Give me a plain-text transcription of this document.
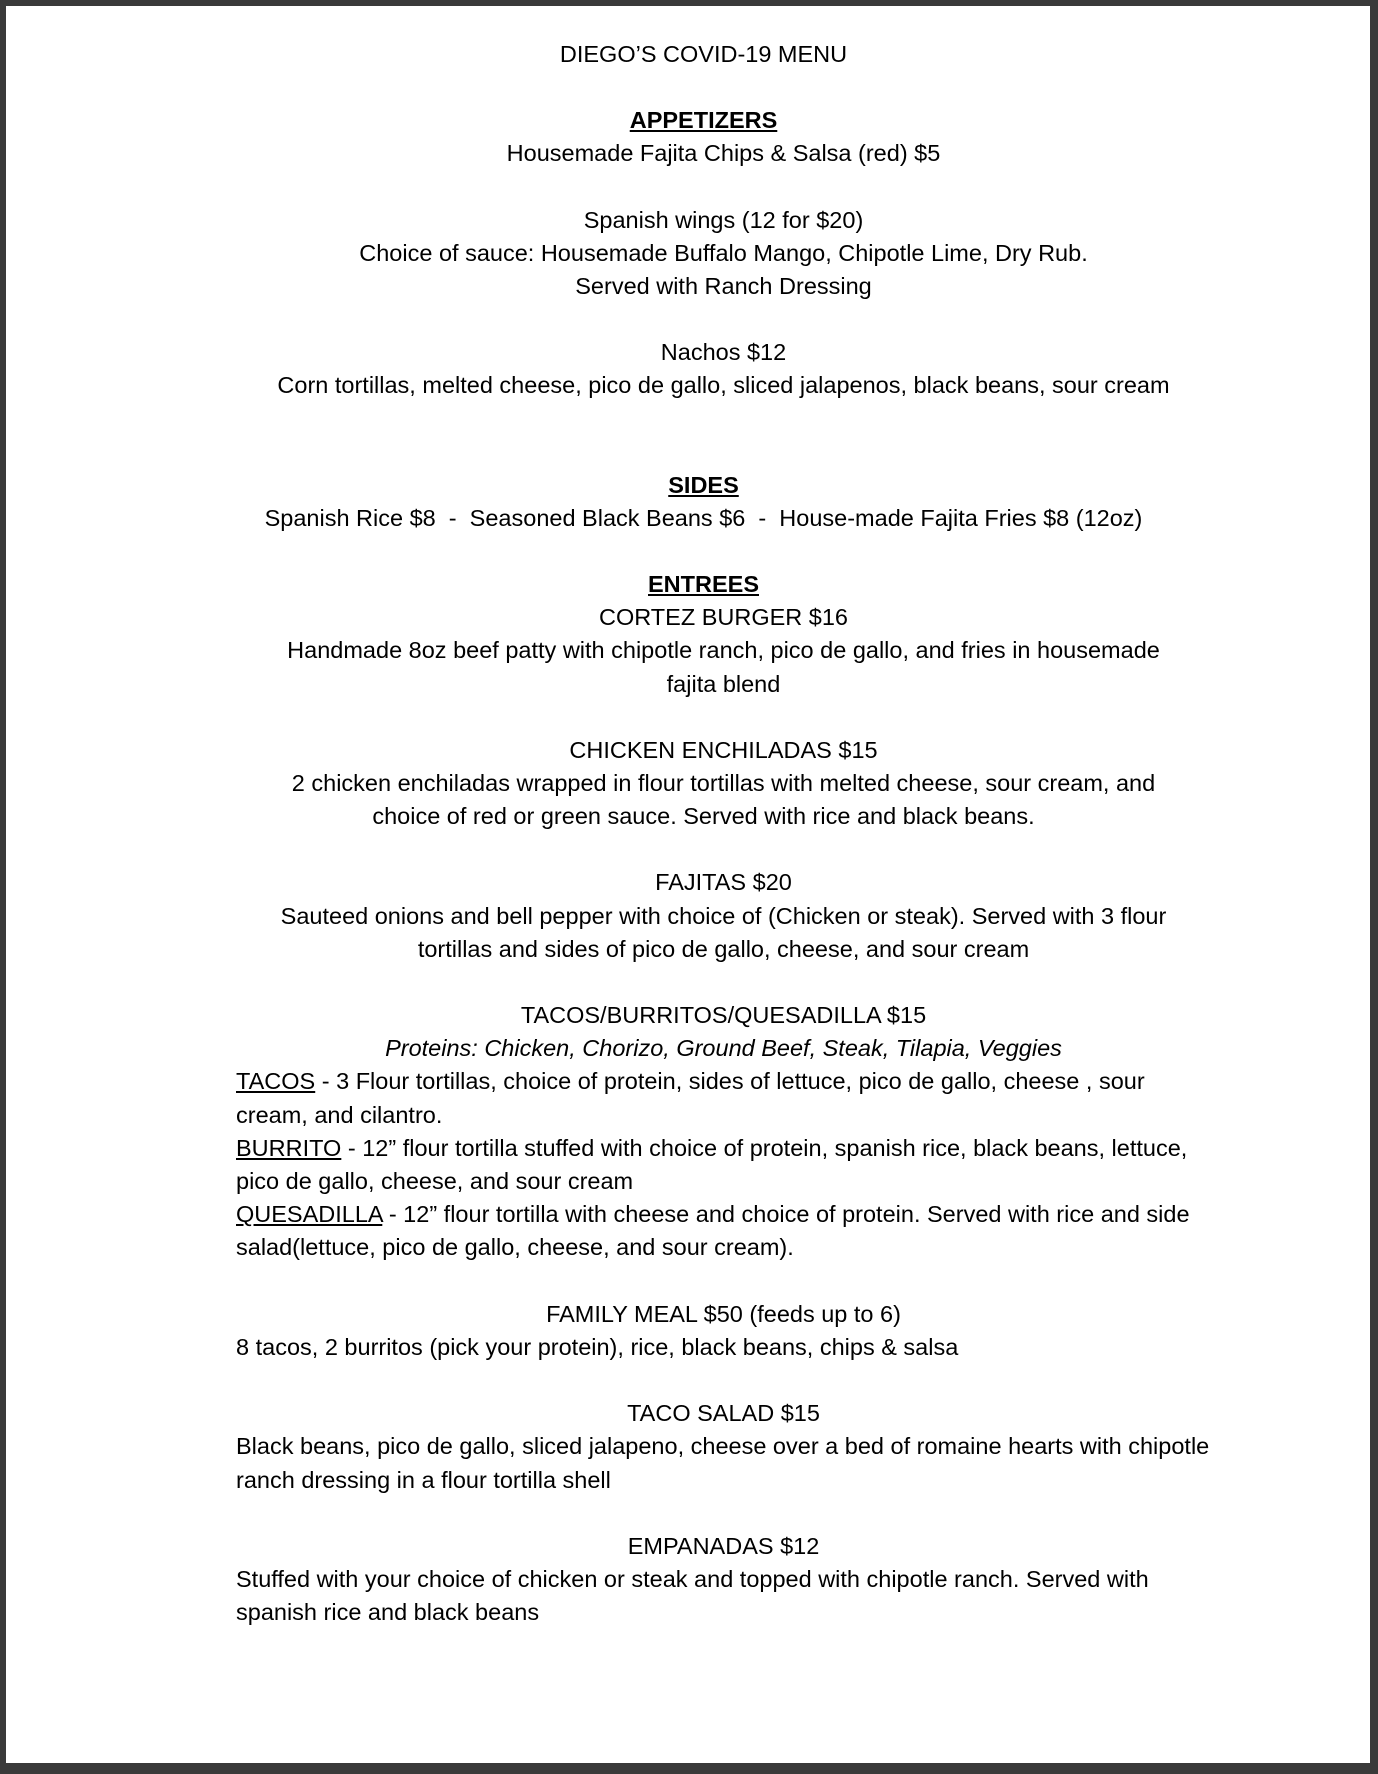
DIEGO’S COVID-19 MENU

APPETIZERS

Housemade Fajita Chips & Salsa (red) $5

Spanish wings (12 for $20)

Choice of sauce: Housemade Buffalo Mango, Chipotle Lime, Dry Rub.

Served with Ranch Dressing

Nachos $12

Corn tortillas, melted cheese, pico de gallo, sliced jalapenos, black beans, sour cream

SIDES

Spanish Rice $8  -  Seasoned Black Beans $6  -  House-made Fajita Fries $8 (12oz)

ENTREES

CORTEZ BURGER $16

Handmade 8oz beef patty with chipotle ranch, pico de gallo, and fries in housemade

fajita blend

CHICKEN ENCHILADAS $15

2 chicken enchiladas wrapped in flour tortillas with melted cheese, sour cream, and

choice of red or green sauce. Served with rice and black beans.

FAJITAS $20

Sauteed onions and bell pepper with choice of (Chicken or steak). Served with 3 flour

tortillas and sides of pico de gallo, cheese, and sour cream

TACOS/BURRITOS/QUESADILLA $15

Proteins: Chicken, Chorizo, Ground Beef, Steak, Tilapia, Veggies

TACOS - 3 Flour tortillas, choice of protein, sides of lettuce, pico de gallo, cheese , sour cream, and cilantro.

BURRITO - 12” flour tortilla stuffed with choice of protein, spanish rice, black beans, lettuce, pico de gallo, cheese, and sour cream

QUESADILLA - 12” flour tortilla with cheese and choice of protein. Served with rice and side salad(lettuce, pico de gallo, cheese, and sour cream).

FAMILY MEAL $50 (feeds up to 6)

8 tacos, 2 burritos (pick your protein), rice, black beans, chips & salsa

TACO SALAD $15

Black beans, pico de gallo, sliced jalapeno, cheese over a bed of romaine hearts with chipotle ranch dressing in a flour tortilla shell

EMPANADAS $12

Stuffed with your choice of chicken or steak and topped with chipotle ranch. Served with spanish rice and black beans
